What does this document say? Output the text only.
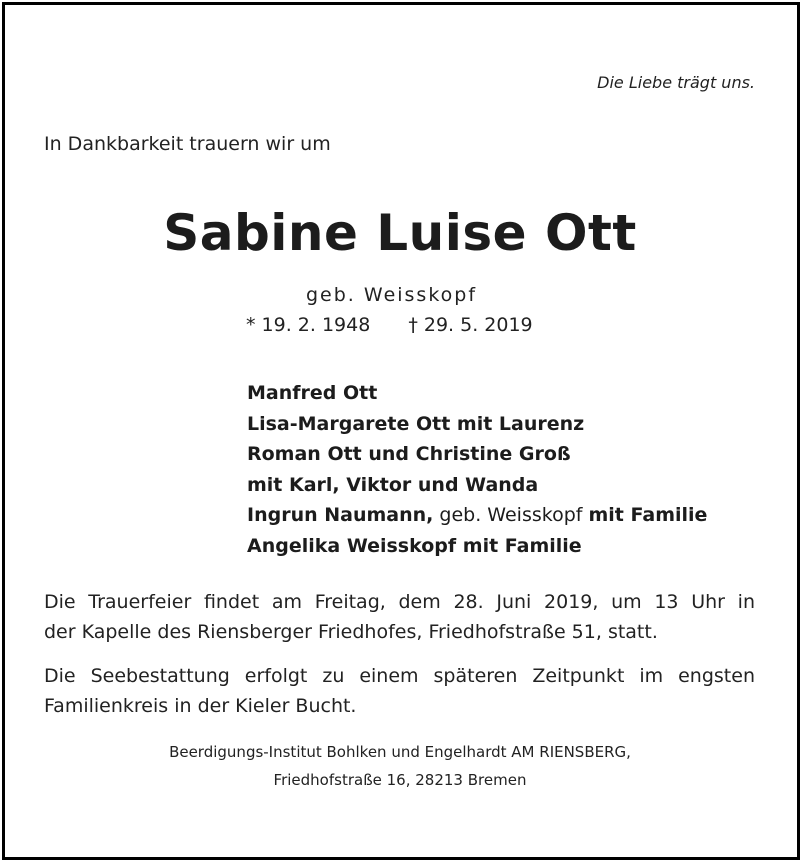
Die Liebe trägt uns.
In Dankbarkeit trauern wir um
Sabine Luise Ott
geb. Weisskopf
* 19. 2. 1948 † 29. 5. 2019
Manfred Ott
Lisa-Margarete Ott mit Laurenz
Roman Ott und Christine Groß
mit Karl, Viktor und Wanda
Ingrun Naumann, geb. Weisskopf mit Familie
Angelika Weisskopf mit Familie
Die Trauerfeier findet am Freitag, dem 28. Juni 2019, um 13 Uhr in
der Kapelle des Riensberger Friedhofes, Friedhofstraße 51, statt.
Die Seebestattung erfolgt zu einem späteren Zeitpunkt im engsten
Familienkreis in der Kieler Bucht.
Beerdigungs-Institut Bohlken und Engelhardt AM RIENSBERG,
Friedhofstraße 16, 28213 Bremen
